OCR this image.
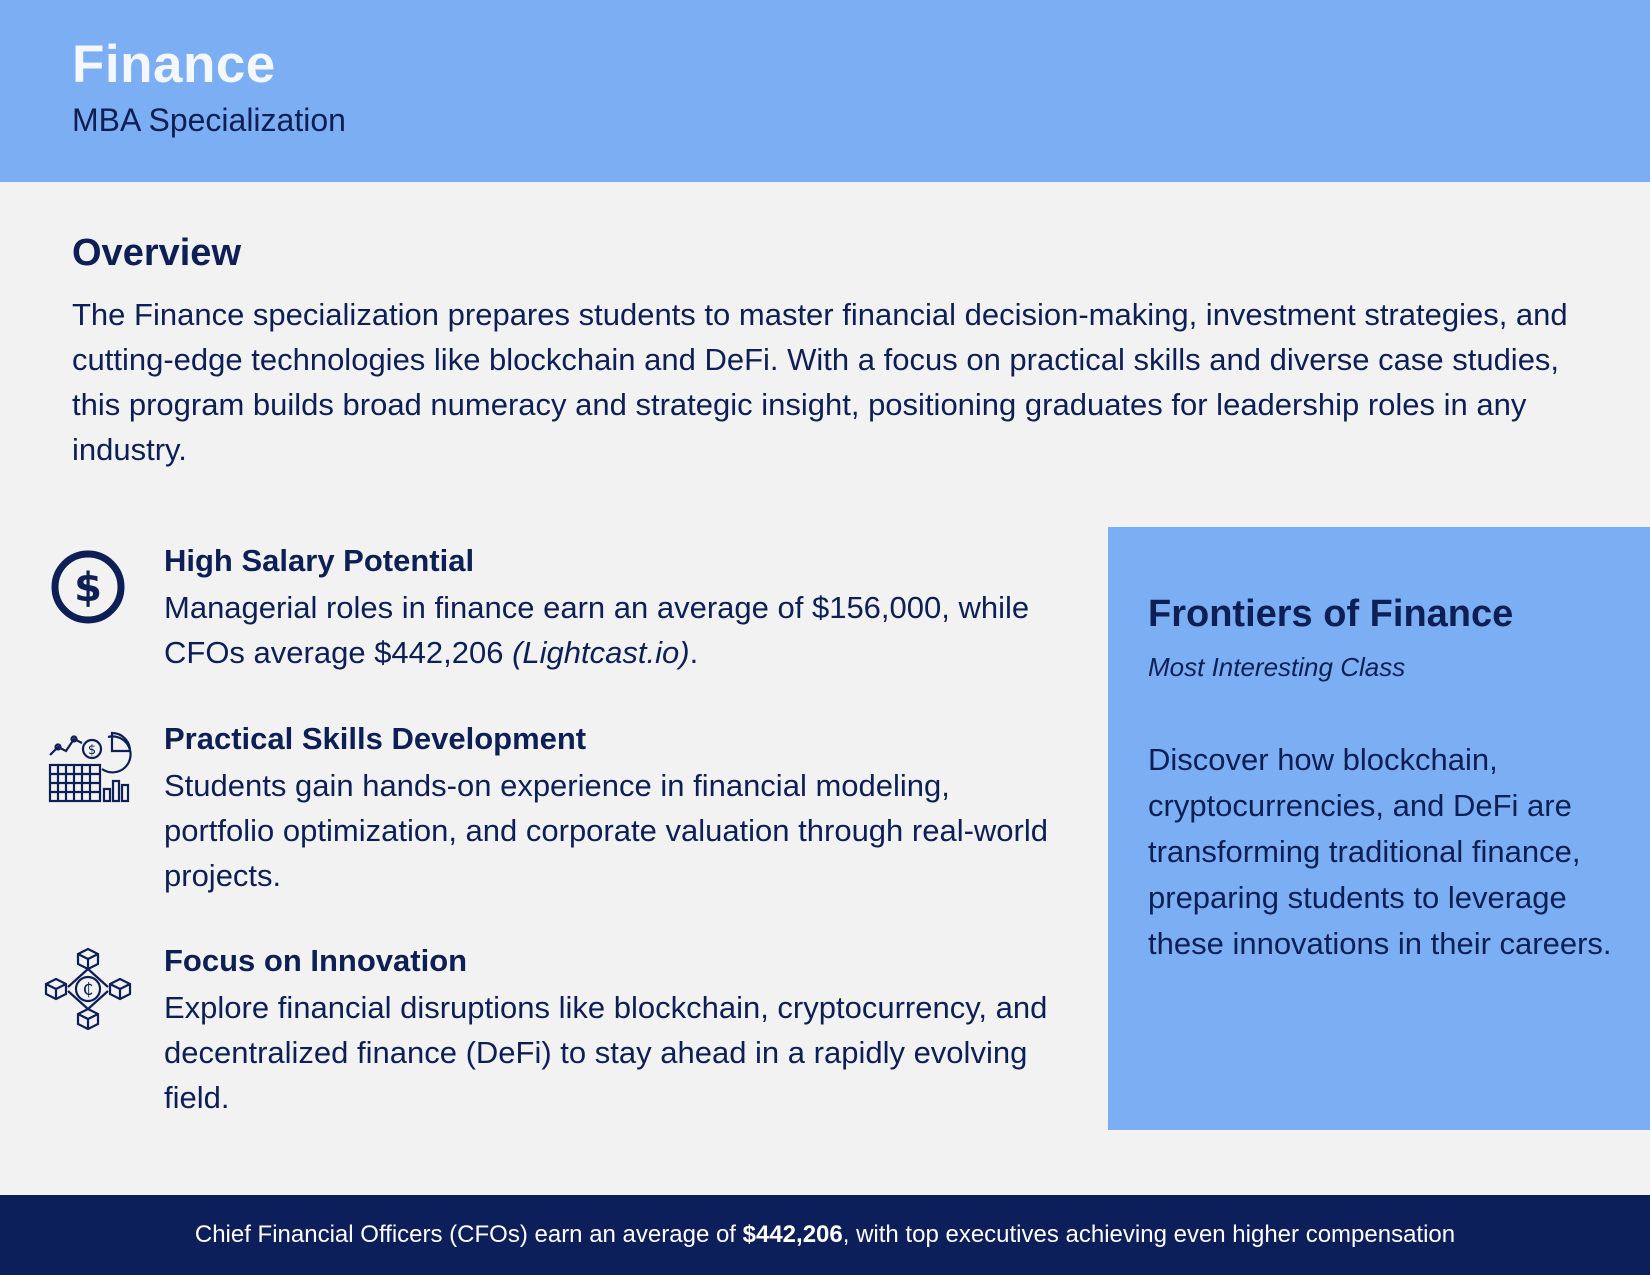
Finance
MBA Specialization
Overview
The Finance specialization prepares students to master financial decision-making, investment strategies, and cutting-edge technologies like blockchain and DeFi. With a focus on practical skills and diverse case studies, this program builds broad numeracy and strategic insight, positioning graduates for leadership roles in any industry.
$
High Salary Potential
Managerial roles in finance earn an average of $156,000, while CFOs average $442,206 (Lightcast.io).
$ Practical Skills Development
Students gain hands-on experience in financial modeling, portfolio optimization, and corporate valuation through real-world projects.
₵
Focus on Innovation
Explore financial disruptions like blockchain, cryptocurrency, and decentralized finance (DeFi) to stay ahead in a rapidly evolving field.
Frontiers of Finance
Most Interesting Class
Discover how blockchain, cryptocurrencies, and DeFi are transforming traditional finance, preparing students to leverage these innovations in their careers.
Chief Financial Officers (CFOs) earn an average of $442,206, with top executives achieving even higher compensation
